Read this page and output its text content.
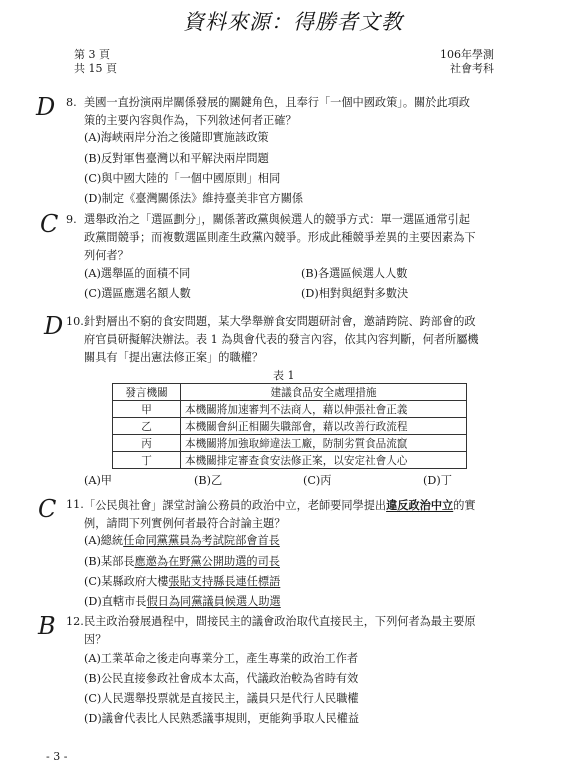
資料來源：得勝者文教
第 3 頁
共 15 頁
106年學測
社會考科
D 8. 美國一直扮演兩岸關係發展的關鍵角色，且奉行「一個中國政策」。關於此項政
策的主要內容與作為，下列敘述何者正確？
(A)海峽兩岸分治之後隨即實施該政策
(B)反對軍售臺灣以和平解決兩岸問題
(C)與中國大陸的「一個中國原則」相同
(D)制定《臺灣關係法》維持臺美非官方關係
C 9. 選舉政治之「選區劃分」，關係著政黨與候選人的競爭方式：單一選區通常引起
政黨間競爭；而複數選區則產生政黨內競爭。形成此種競爭差異的主要因素為下
列何者？
(A)選舉區的面積不同	(B)各選區候選人人數
(C)選區應選名額人數	(D)相對與絕對多數決
D 10. 針對層出不窮的食安問題，某大學舉辦食安問題研討會，邀請跨院、跨部會的政
府官員研擬解決辦法。表 1 為與會代表的發言內容，依其內容判斷，何者所屬機
關具有「提出憲法修正案」的職權？
表 1
發言機關	建議食品安全處理措施
甲	本機關將加速審判不法商人，藉以伸張社會正義
乙	本機關會糾正相關失職部會，藉以改善行政流程
丙	本機關將加強取締違法工廠，防制劣質食品流竄
丁	本機關排定審查食安法修正案，以安定社會人心
(A)甲	(B)乙	(C)丙	(D)丁
C 11. 「公民與社會」課堂討論公務員的政治中立，老師要同學提出違反政治中立的實
例，請問下列實例何者最符合討論主題？
(A)總統任命同黨黨員為考試院部會首長
(B)某部長應邀為在野黨公開助選的司長
(C)某縣政府大樓張貼支持縣長連任標語
(D)直轄市長假日為同黨議員候選人助選
B 12. 民主政治發展過程中，間接民主的議會政治取代直接民主，下列何者為最主要原
因？
(A)工業革命之後走向專業分工，產生專業的政治工作者
(B)公民直接參政社會成本太高，代議政治較為省時有效
(C)人民選舉投票就是直接民主，議員只是代行人民職權
(D)議會代表比人民熟悉議事規則，更能夠爭取人民權益
- 3 -
